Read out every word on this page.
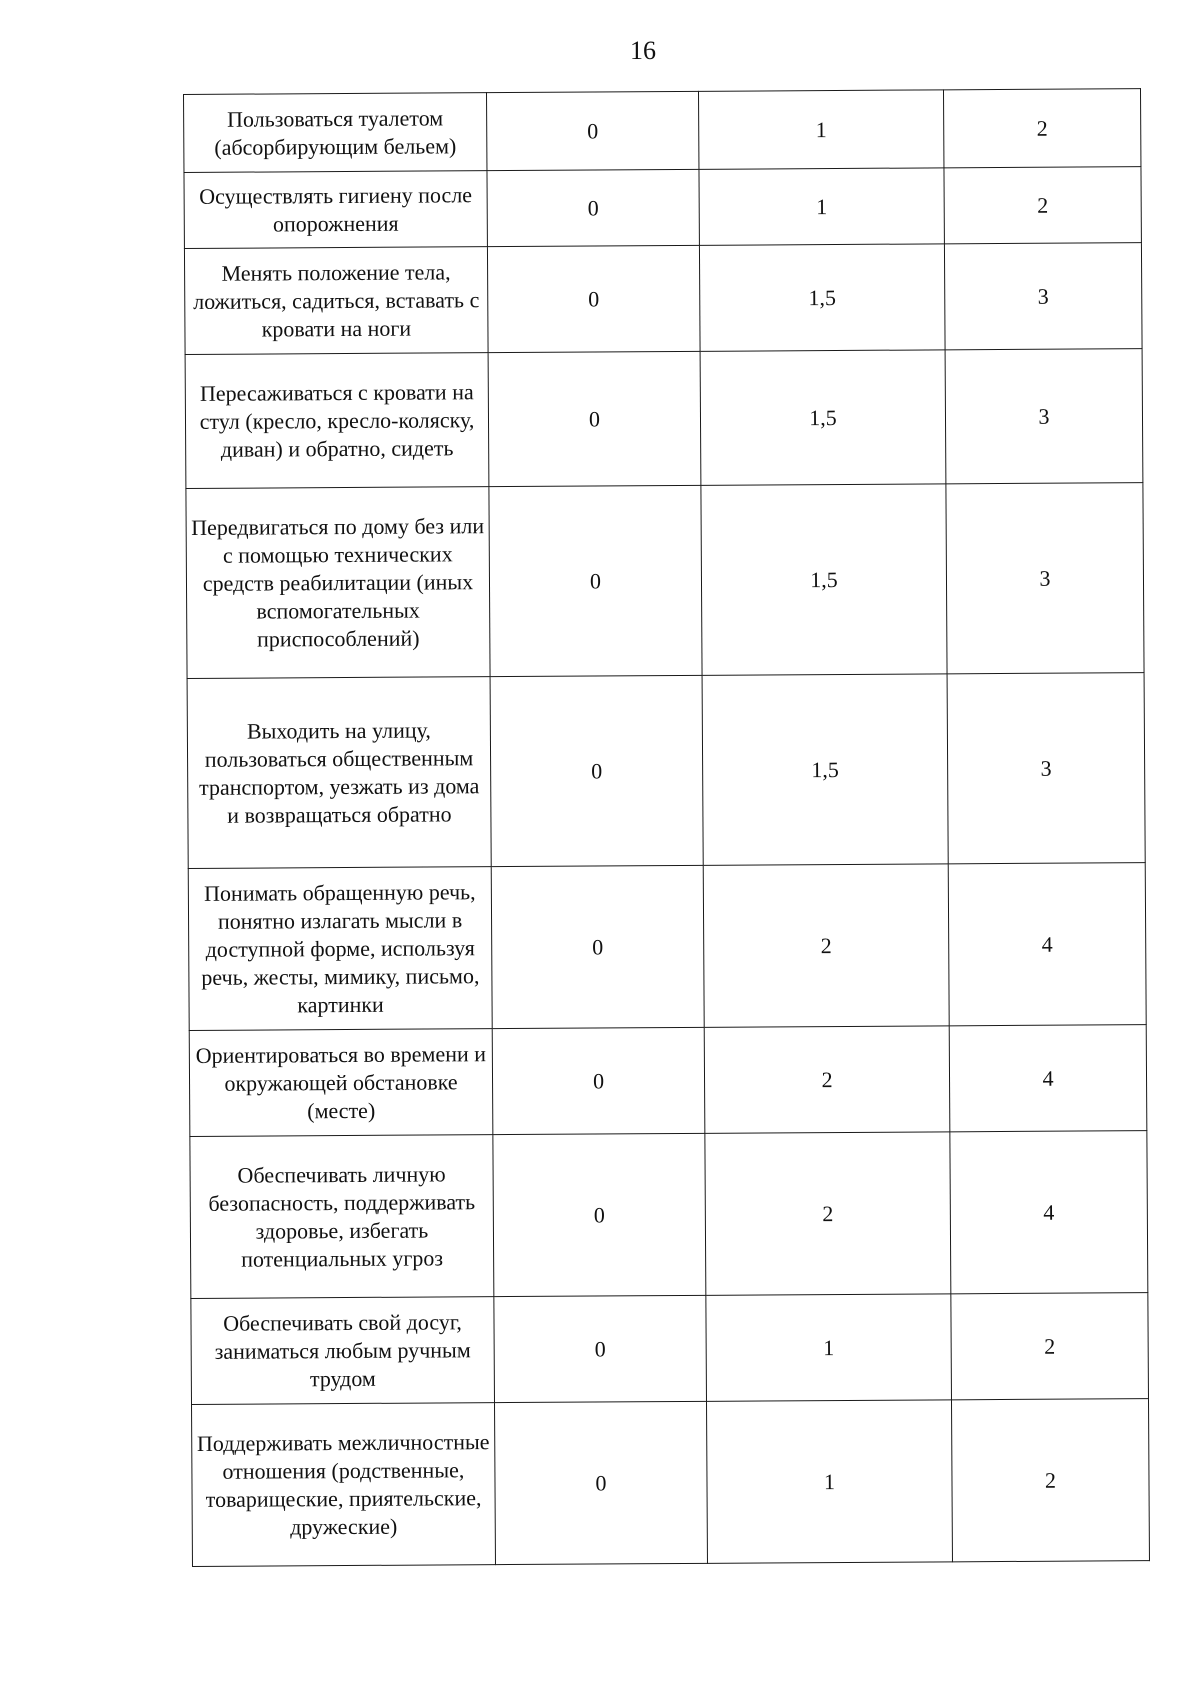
16
Пользоваться туалетом (абсорбирующим бельем)	0	1	2
Осуществлять гигиену после опорожнения	0	1	2
Менять положение тела, ложиться, садиться, вставать с кровати на ноги	0	1,5	3
Пересаживаться с кровати на стул (кресло, кресло-коляску, диван) и обратно, сидеть	0	1,5	3
Передвигаться по дому без или с помощью технических средств реабилитации (иных вспомогательных приспособлений)	0	1,5	3
Выходить на улицу, пользоваться общественным транспортом, уезжать из дома и возвращаться обратно	0	1,5	3
Понимать обращенную речь, понятно излагать мысли в доступной форме, используя речь, жесты, мимику, письмо, картинки	0	2	4
Ориентироваться во времени и окружающей обстановке (месте)	0	2	4
Обеспечивать личную безопасность, поддерживать здоровье, избегать потенциальных угроз	0	2	4
Обеспечивать свой досуг, заниматься любым ручным трудом	0	1	2
Поддерживать межличностные отношения (родственные, товарищеские, приятельские, дружеские)	0	1	2
